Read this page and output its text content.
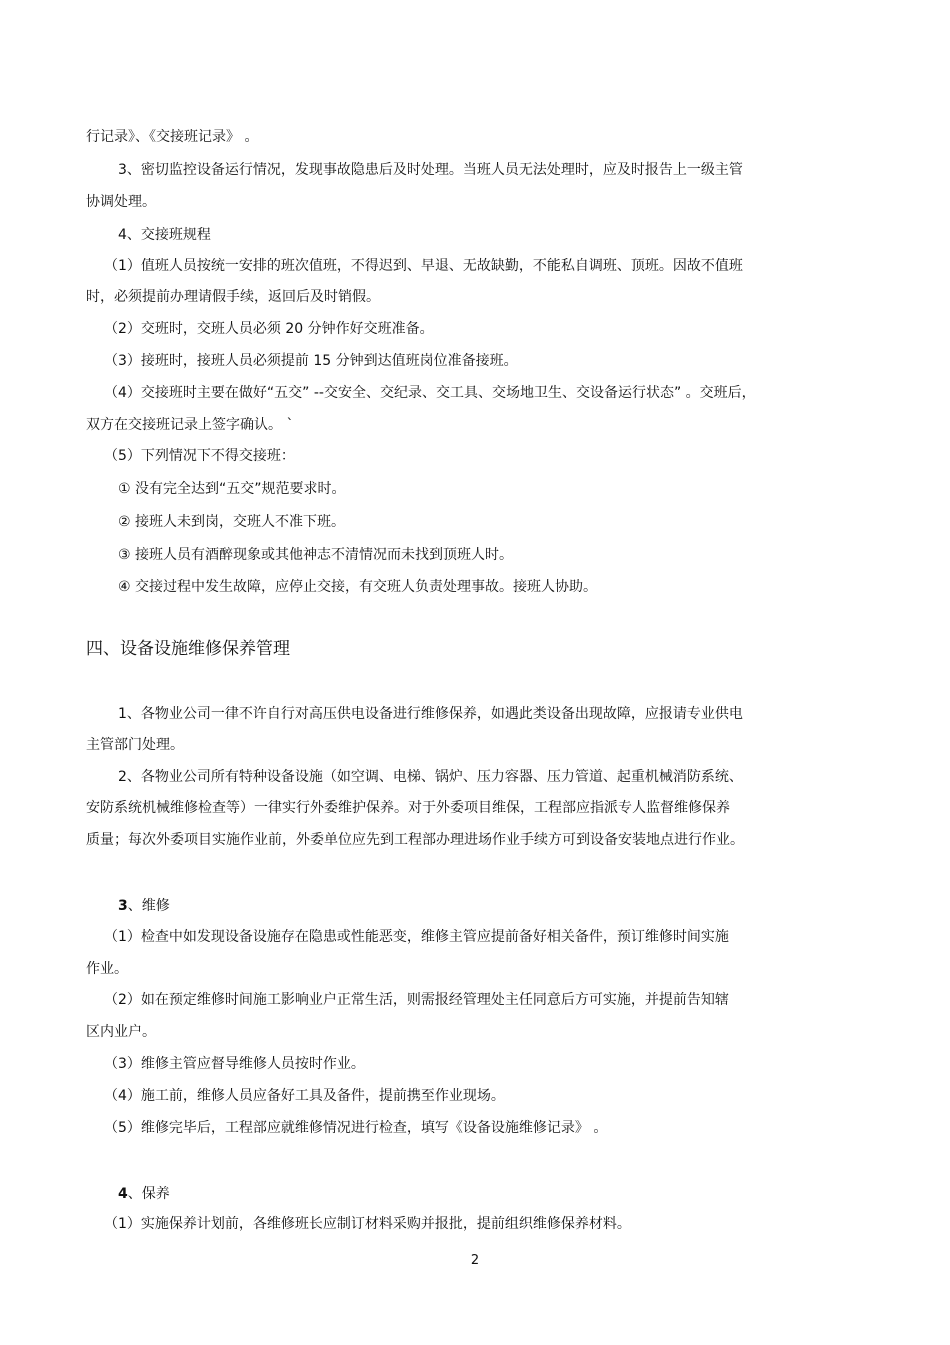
行记录》、《交接班记录》 。
3、密切监控设备运行情况，发现事故隐患后及时处理。当班人员无法处理时，应及时报告上一级主管
协调处理。
4、交接班规程
（1）值班人员按统一安排的班次值班，不得迟到、早退、无故缺勤，不能私自调班、顶班。因故不值班
时，必须提前办理请假手续，返回后及时销假。
（2）交班时，交班人员必须 20 分钟作好交班准备。
（3）接班时，接班人员必须提前 15 分钟到达值班岗位准备接班。
（4）交接班时主要在做好“五交” --交安全、交纪录、交工具、交场地卫生、交设备运行状态” 。交班后，
双方在交接班记录上签字确认。 `
（5）下列情况下不得交接班：
① 没有完全达到“五交”规范要求时。
② 接班人未到岗，交班人不准下班。
③ 接班人员有酒醉现象或其他神志不清情况而未找到顶班人时。
④ 交接过程中发生故障，应停止交接，有交班人负责处理事故。接班人协助。
四、设备设施维修保养管理
1、各物业公司一律不许自行对高压供电设备进行维修保养，如遇此类设备出现故障，应报请专业供电
主管部门处理。
2、各物业公司所有特种设备设施（如空调、电梯、锅炉、压力容器、压力管道、起重机械消防系统、
安防系统机械维修检查等）一律实行外委维护保养。对于外委项目维保，工程部应指派专人监督维修保养
质量；每次外委项目实施作业前，外委单位应先到工程部办理进场作业手续方可到设备安装地点进行作业。
3、维修
（1）检查中如发现设备设施存在隐患或性能恶变，维修主管应提前备好相关备件，预订维修时间实施
作业。
（2）如在预定维修时间施工影响业户正常生活，则需报经管理处主任同意后方可实施，并提前告知辖
区内业户。
（3）维修主管应督导维修人员按时作业。
（4）施工前，维修人员应备好工具及备件，提前携至作业现场。
（5）维修完毕后，工程部应就维修情况进行检查，填写《设备设施维修记录》 。
4、保养
（1）实施保养计划前，各维修班长应制订材料采购并报批，提前组织维修保养材料。
2
